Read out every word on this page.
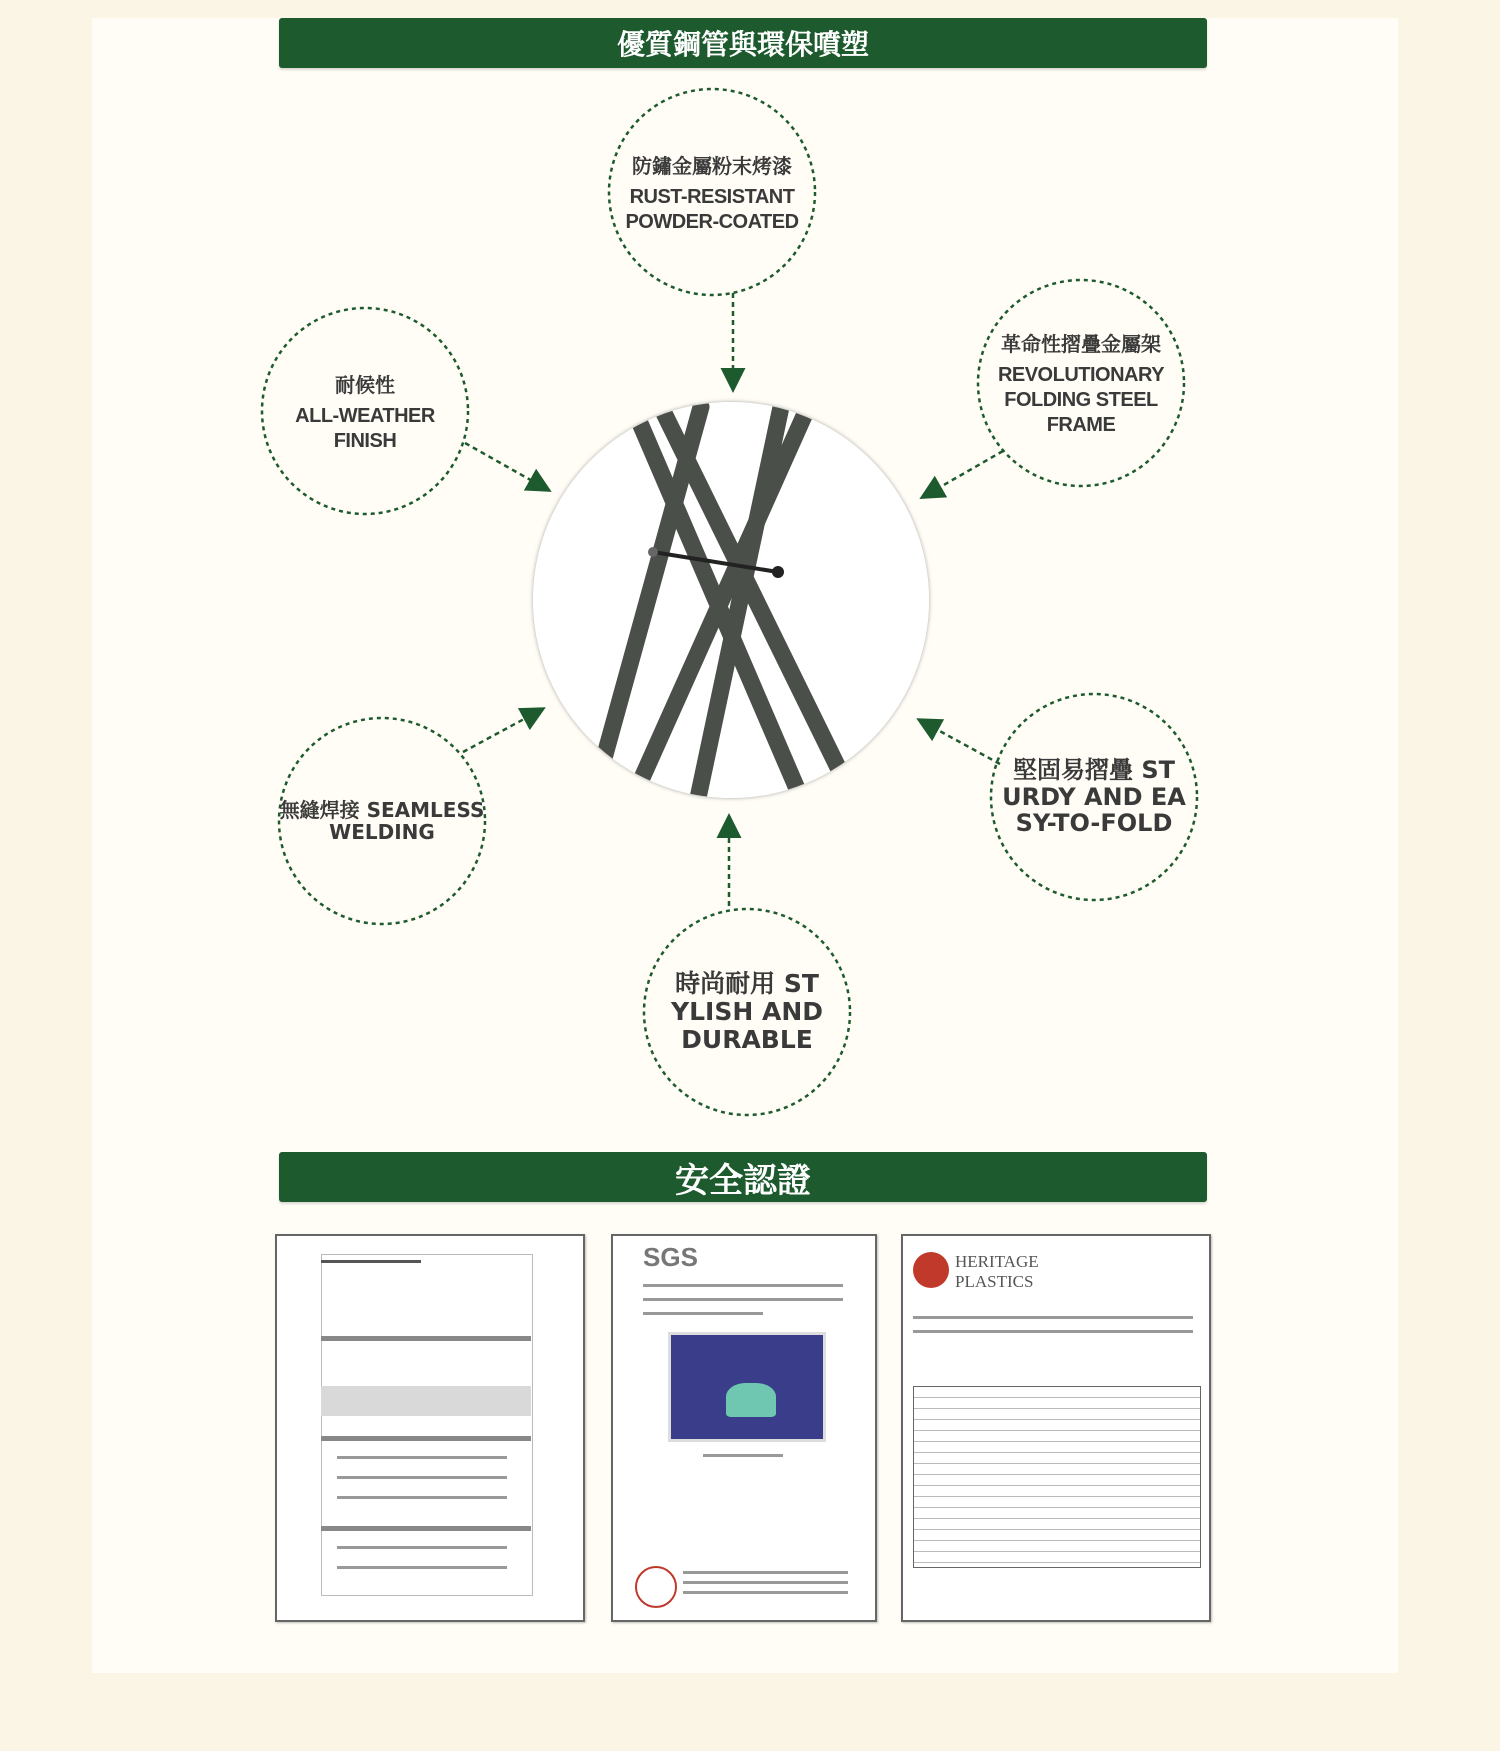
優質鋼管與環保噴塑
防鏽金屬粉末烤漆
RUST-RESISTANT
POWDER-COATED
耐候性
ALL-WEATHER
FINISH
革命性摺疊金屬架
REVOLUTIONARY
FOLDING STEEL
FRAME
無縫焊接 SEAMLESS
WELDING
堅固易摺疊 ST
URDY AND EA
SY-TO-FOLD
時尚耐用 ST
YLISH AND
DURABLE
安全認證
SGS	HERITAGE
PLASTICS
